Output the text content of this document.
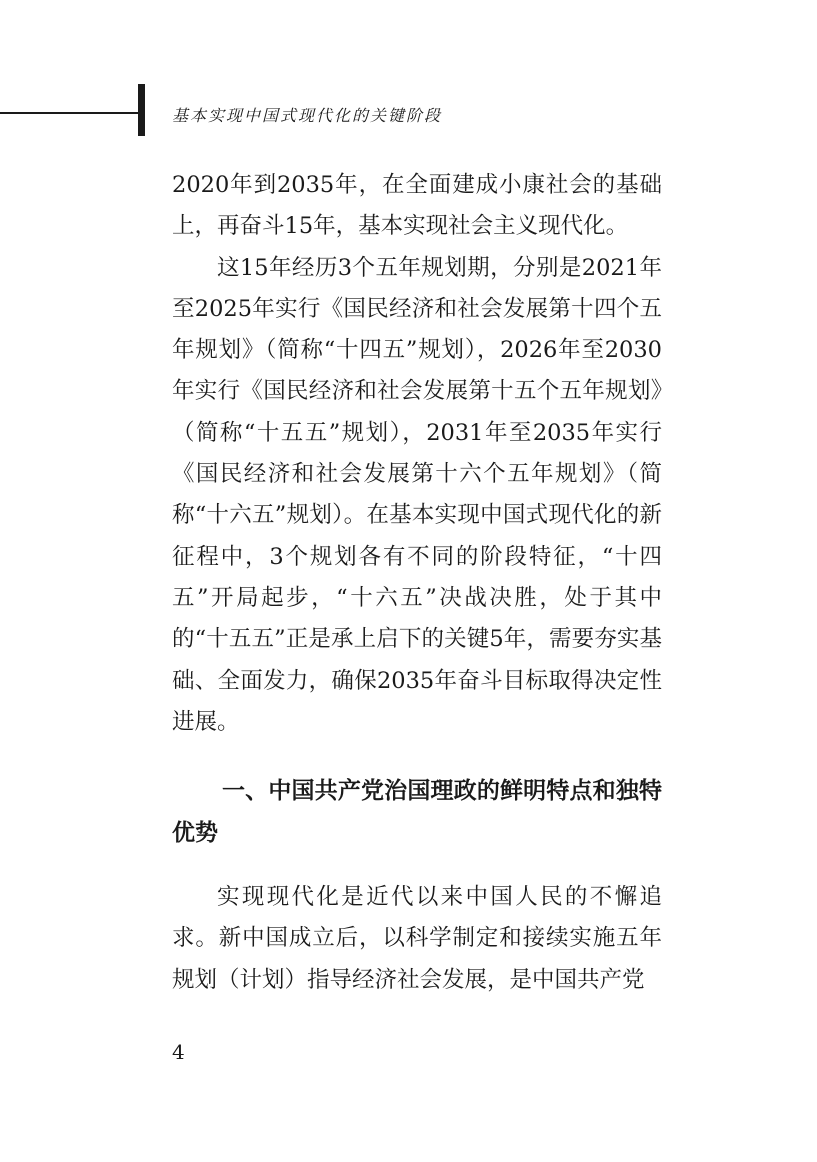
基本实现中国式现代化的关键阶段

2020年到2035年，在全面建成小康社会的基础上，再奋斗15年，基本实现社会主义现代化。

这15年经历3个五年规划期，分别是2021年至2025年实行《国民经济和社会发展第十四个五年规划》（简称“十四五”规划），2026年至2030年实行《国民经济和社会发展第十五个五年规划》（简称“十五五”规划），2031年至2035年实行《国民经济和社会发展第十六个五年规划》（简称“十六五”规划）。在基本实现中国式现代化的新征程中，3个规划各有不同的阶段特征，“十四五”开局起步，“十六五”决战决胜，处于其中的“十五五”正是承上启下的关键5年，需要夯实基础、全面发力，确保2035年奋斗目标取得决定性进展。

一、中国共产党治国理政的鲜明特点和独特优势

实现现代化是近代以来中国人民的不懈追求。新中国成立后，以科学制定和接续实施五年规划（计划）指导经济社会发展，是中国共产党

4
